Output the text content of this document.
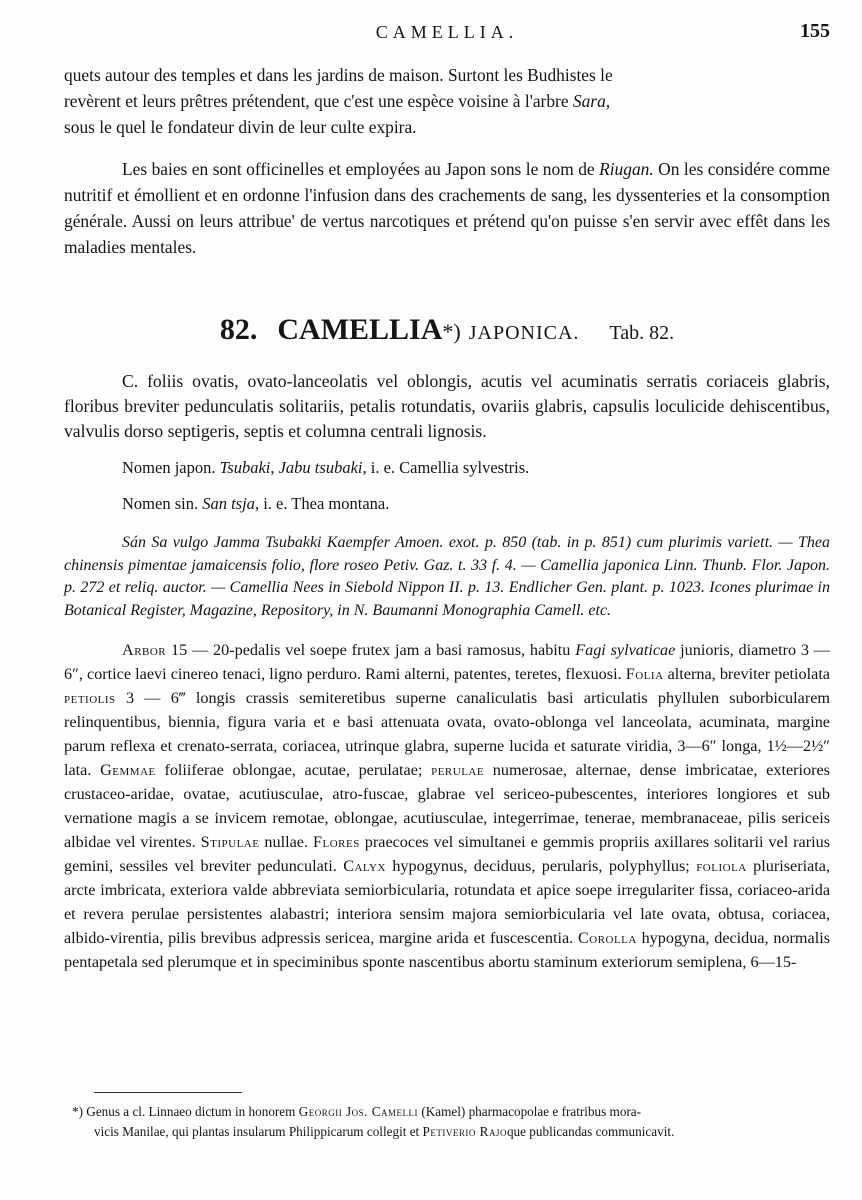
CAMELLIA.	155

quets autour des temples et dans les jardins de maison. Surtont les Budhistes le
revèrent et leurs prêtres prétendent, que c'est une espèce voisine à l'arbre Sara,
sous le quel le fondateur divin de leur culte expira.

Les baies en sont officinelles et employées au Japon sons le nom de Riugan. On les considére comme nutritif et émollient et en ordonne l'infusion dans des crachements de sang, les dyssenteries et la consomption générale. Aussi on leurs attribue' de vertus narcotiques et prétend qu'on puisse s'en servir avec effêt dans les maladies mentales.

82. CAMELLIA*) JAPONICA. Tab. 82.

C. foliis ovatis, ovato-lanceolatis vel oblongis, acutis vel acuminatis serratis coriaceis glabris, floribus breviter pedunculatis solitariis, petalis rotundatis, ovariis glabris, capsulis loculicide dehiscentibus, valvulis dorso septigeris, septis et columna centrali lignosis.

Nomen japon. Tsubaki, Jabu tsubaki, i. e. Camellia sylvestris.

Nomen sin. San tsja, i. e. Thea montana.

Sán Sa vulgo Jamma Tsubakki Kaempfer Amoen. exot. p. 850 (tab. in p. 851) cum plurimis variett. — Thea chinensis pimentae jamaicensis folio, flore roseo Petiv. Gaz. t. 33 f. 4. — Camellia japonica Linn. Thunb. Flor. Japon. p. 272 et reliq. auctor. — Camellia Nees in Siebold Nippon II. p. 13. Endlicher Gen. plant. p. 1023. Icones plurimae in Botanical Register, Magazine, Repository, in N. Baumanni Monographia Camell. etc.

Arbor 15 — 20-pedalis vel soepe frutex jam a basi ramosus, habitu Fagi sylvaticae junioris, diametro 3 — 6″, cortice laevi cinereo tenaci, ligno perduro. Rami alterni, patentes, teretes, flexuosi. Folia alterna, breviter petiolata petiolis 3 — 6‴ longis crassis semiteretibus superne canaliculatis basi articulatis phyllulen suborbicularem relinquentibus, biennia, figura varia et e basi attenuata ovata, ovato-oblonga vel lanceolata, acuminata, margine parum reflexa et crenato-serrata, coriacea, utrinque glabra, superne lucida et saturate viridia, 3—6″ longa, 1½—2½″ lata. Gemmae foliiferae oblongae, acutae, perulatae; perulae numerosae, alternae, dense imbricatae, exteriores crustaceo-aridae, ovatae, acutiusculae, atro-fuscae, glabrae vel sericeo-pubescentes, interiores longiores et sub vernatione magis a se invicem remotae, oblongae, acutiusculae, integerrimae, tenerae, membranaceae, pilis sericeis albidae vel virentes. Stipulae nullae. Flores praecoces vel simultanei e gemmis propriis axillares solitarii vel rarius gemini, sessiles vel breviter pedunculati. Calyx hypogynus, deciduus, perularis, polyphyllus; foliola pluriseriata, arcte imbricata, exteriora valde abbreviata semiorbicularia, rotundata et apice soepe irregulariter fissa, coriaceo-arida et revera perulae persistentes alabastri; interiora sensim majora semiorbicularia vel late ovata, obtusa, coriacea, albido-virentia, pilis brevibus adpressis sericea, margine arida et fuscescentia. Corolla hypogyna, decidua, normalis pentapetala sed plerumque et in speciminibus sponte nascentibus abortu staminum exteriorum semiplena, 6—15-

*) Genus a cl. Linnaeo dictum in honorem Georgii Jos. Camelli (Kamel) pharmacopolae e fratribus mora-
vicis Manilae, qui plantas insularum Philippicarum collegit et Petiverio Rajoque publicandas communicavit.
